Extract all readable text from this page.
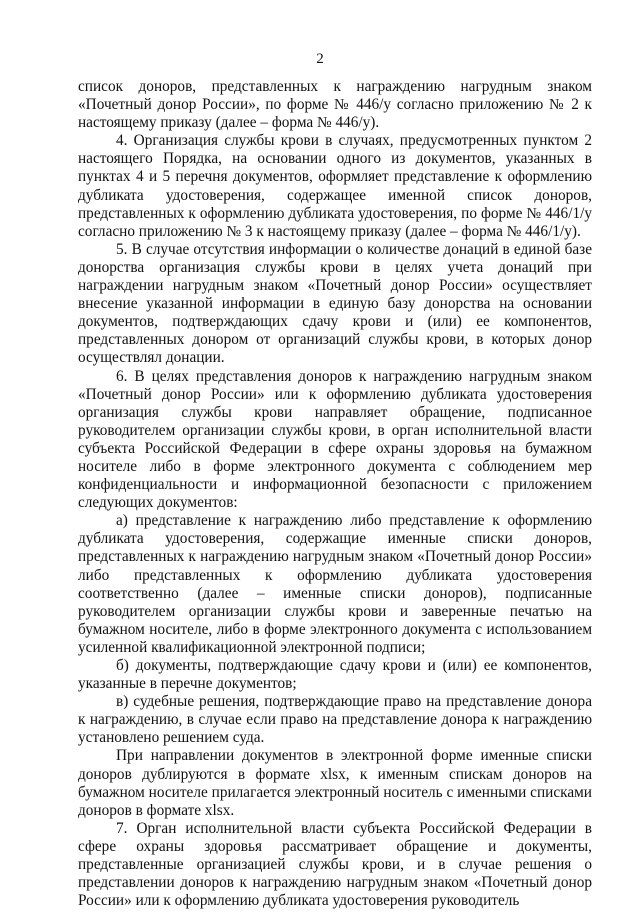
2

список доноров, представленных к награждению нагрудным знаком «Почетный донор России», по форме № 446/у согласно приложению № 2 к настоящему приказу (далее – форма № 446/у).

4. Организация службы крови в случаях, предусмотренных пунктом 2 настоящего Порядка, на основании одного из документов, указанных в пунктах 4 и 5 перечня документов, оформляет представление к оформлению дубликата удостоверения, содержащее именной список доноров, представленных к оформлению дубликата удостоверения, по форме № 446/1/у согласно приложению № 3 к настоящему приказу (далее – форма № 446/1/у).

5. В случае отсутствия информации о количестве донаций в единой базе донорства организация службы крови в целях учета донаций при награждении нагрудным знаком «Почетный донор России» осуществляет внесение указанной информации в единую базу донорства на основании документов, подтверждающих сдачу крови и (или) ее компонентов, представленных донором от организаций службы крови, в которых донор осуществлял донации.

6. В целях представления доноров к награждению нагрудным знаком «Почетный донор России» или к оформлению дубликата удостоверения организация службы крови направляет обращение, подписанное руководителем организации службы крови, в орган исполнительной власти субъекта Российской Федерации в сфере охраны здоровья на бумажном носителе либо в форме электронного документа с соблюдением мер конфиденциальности и информационной безопасности с приложением следующих документов:

а) представление к награждению либо представление к оформлению дубликата удостоверения, содержащие именные списки доноров, представленных к награждению нагрудным знаком «Почетный донор России» либо представленных к оформлению дубликата удостоверения соответственно (далее – именные списки доноров), подписанные руководителем организации службы крови и заверенные печатью на бумажном носителе, либо в форме электронного документа с использованием усиленной квалификационной электронной подписи;

б) документы, подтверждающие сдачу крови и (или) ее компонентов, указанные в перечне документов;

в) судебные решения, подтверждающие право на представление донора к награждению, в случае если право на представление донора к награждению установлено решением суда.

При направлении документов в электронной форме именные списки доноров дублируются в формате xlsx, к именным спискам доноров на бумажном носителе прилагается электронный носитель с именными списками доноров в формате xlsx.

7. Орган исполнительной власти субъекта Российской Федерации в сфере охраны здоровья рассматривает обращение и документы, представленные организацией службы крови, и в случае решения о представлении доноров к награждению нагрудным знаком «Почетный донор России» или к оформлению дубликата удостоверения руководитель
